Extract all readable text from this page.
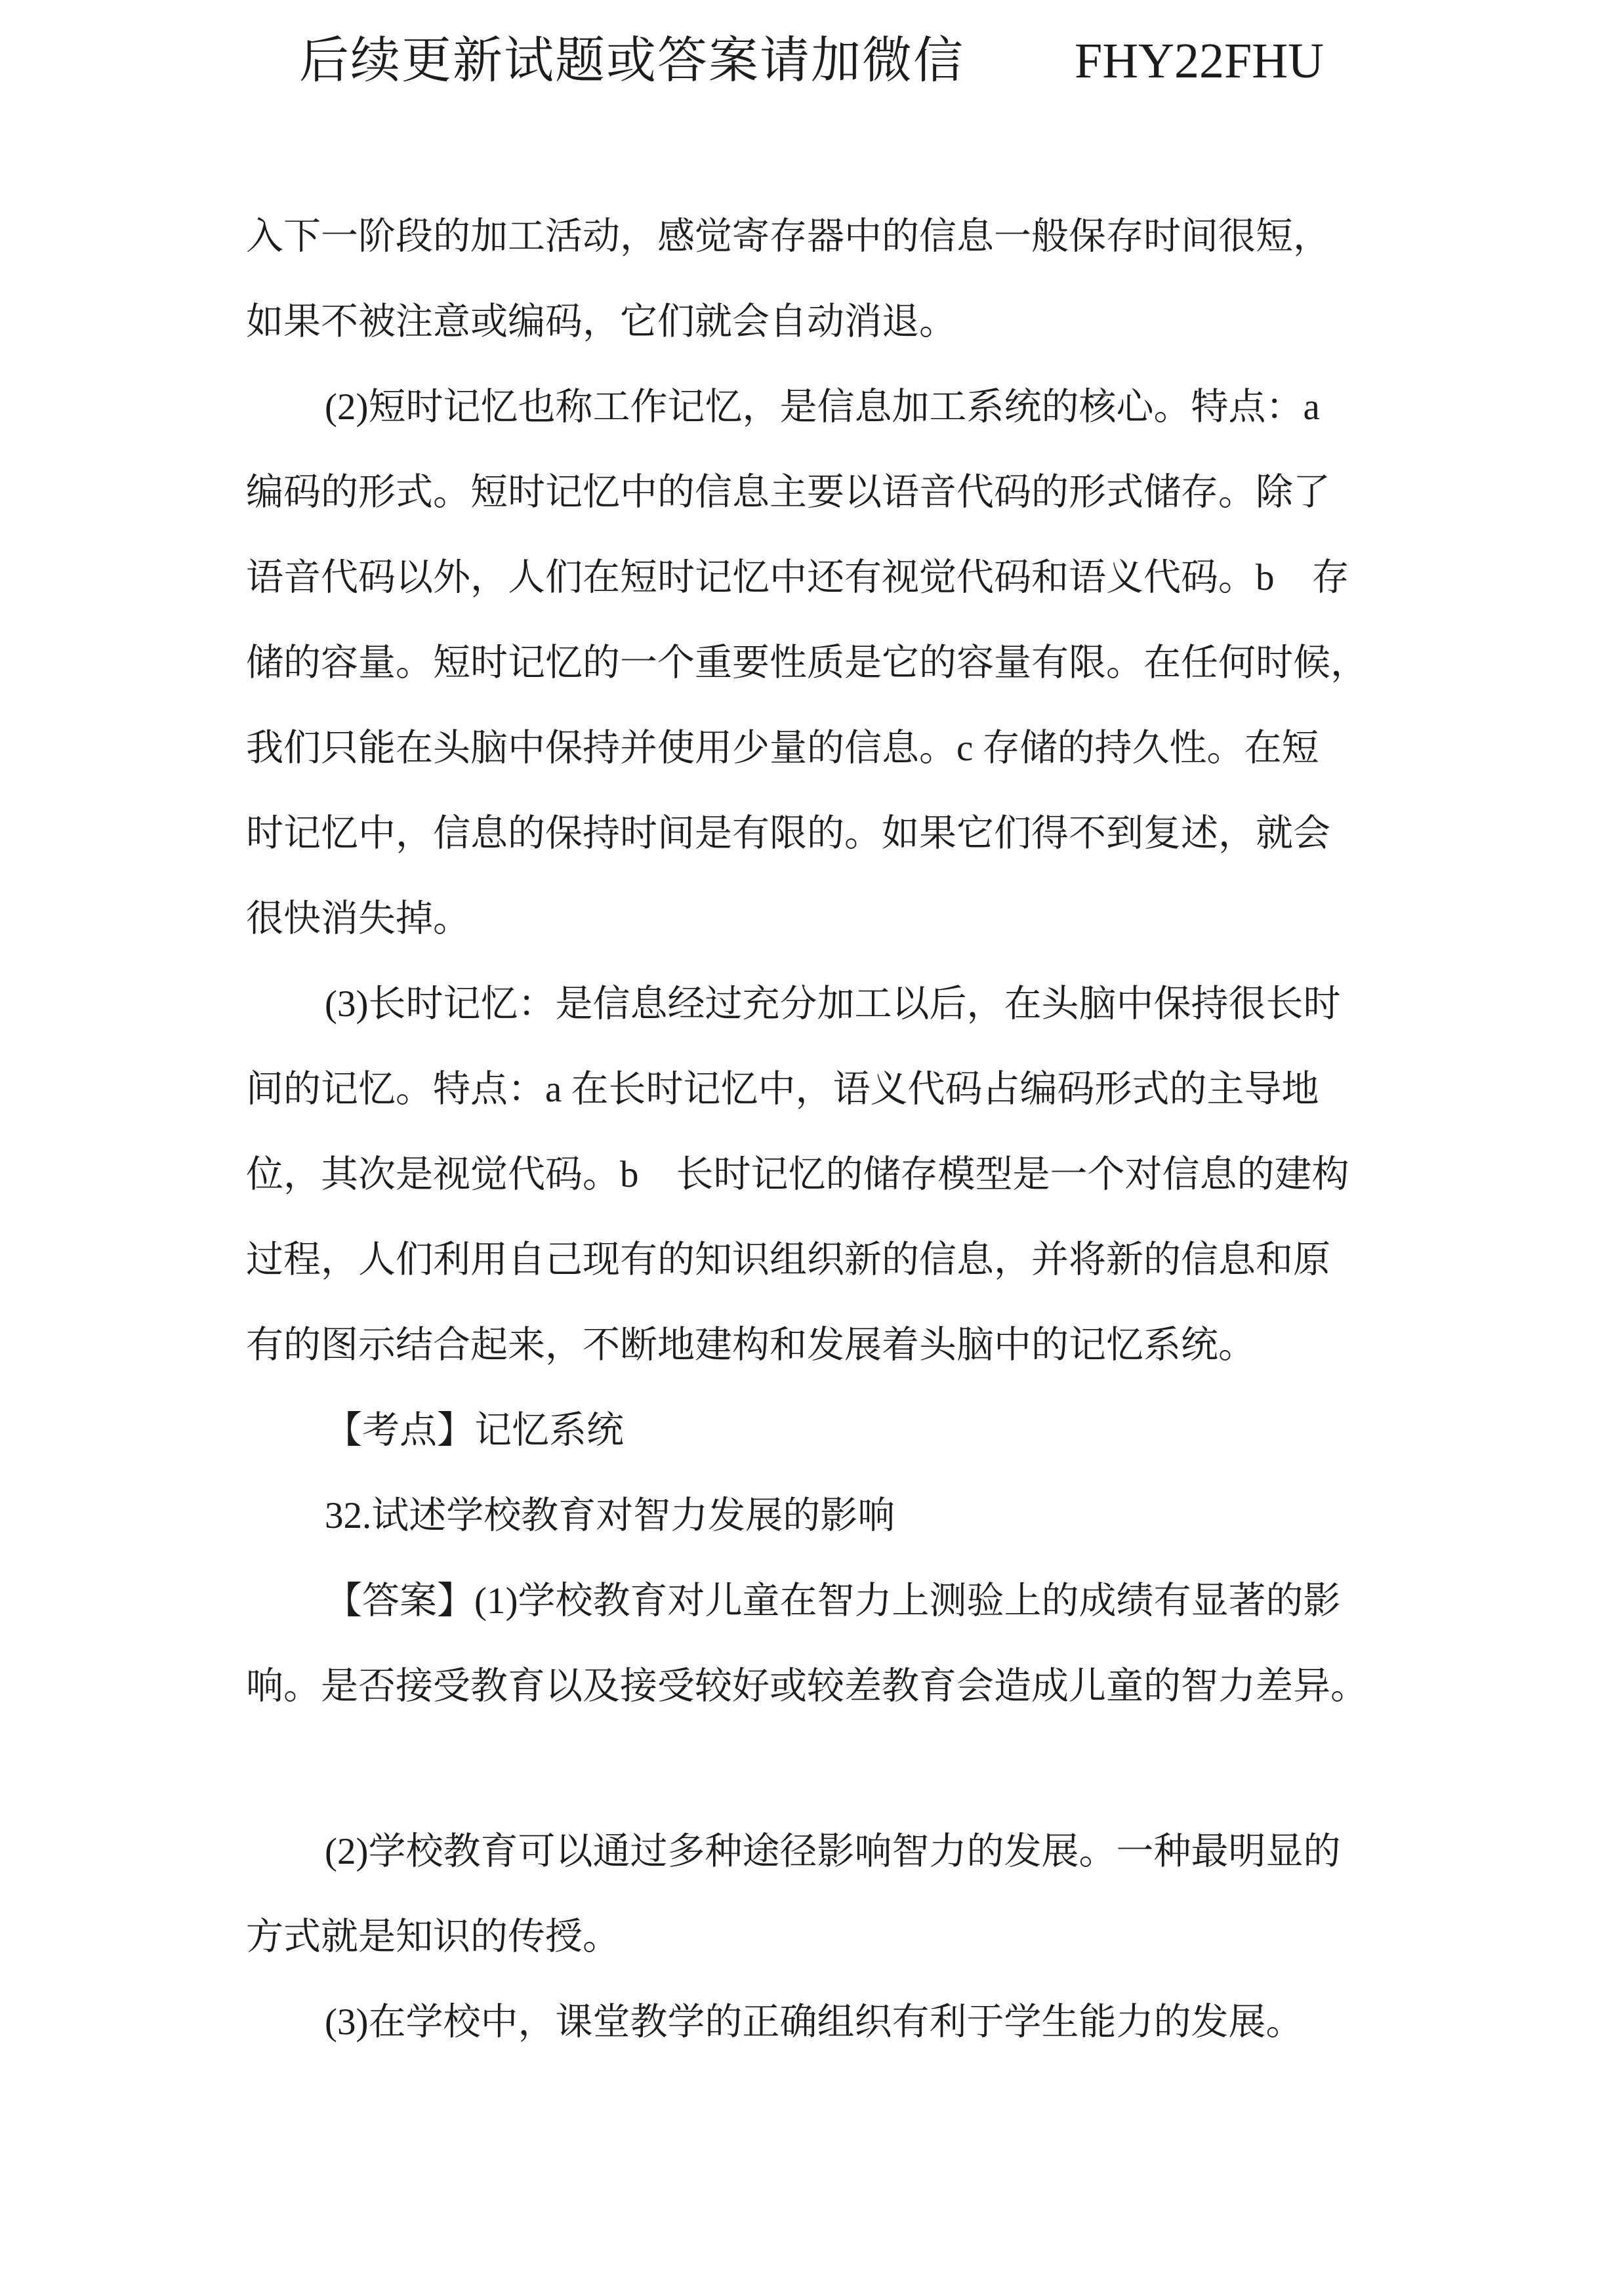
后续更新试题或答案请加微信 FHY22FHU
入下一阶段的加工活动，感觉寄存器中的信息一般保存时间很短，
如果不被注意或编码，它们就会自动消退。
(2)短时记忆也称工作记忆，是信息加工系统的核心。特点：a
编码的形式。短时记忆中的信息主要以语音代码的形式储存。除了
语音代码以外，人们在短时记忆中还有视觉代码和语义代码。b　存
储的容量。短时记忆的一个重要性质是它的容量有限。在任何时候，
我们只能在头脑中保持并使用少量的信息。c 存储的持久性。在短
时记忆中，信息的保持时间是有限的。如果它们得不到复述，就会
很快消失掉。
(3)长时记忆：是信息经过充分加工以后，在头脑中保持很长时
间的记忆。特点：a 在长时记忆中，语义代码占编码形式的主导地
位，其次是视觉代码。b　长时记忆的储存模型是一个对信息的建构
过程，人们利用自己现有的知识组织新的信息，并将新的信息和原
有的图示结合起来，不断地建构和发展着头脑中的记忆系统。
【考点】记忆系统
32.试述学校教育对智力发展的影响
【答案】(1)学校教育对儿童在智力上测验上的成绩有显著的影
响。是否接受教育以及接受较好或较差教育会造成儿童的智力差异。
(2)学校教育可以通过多种途径影响智力的发展。一种最明显的
方式就是知识的传授。
(3)在学校中，课堂教学的正确组织有利于学生能力的发展。
